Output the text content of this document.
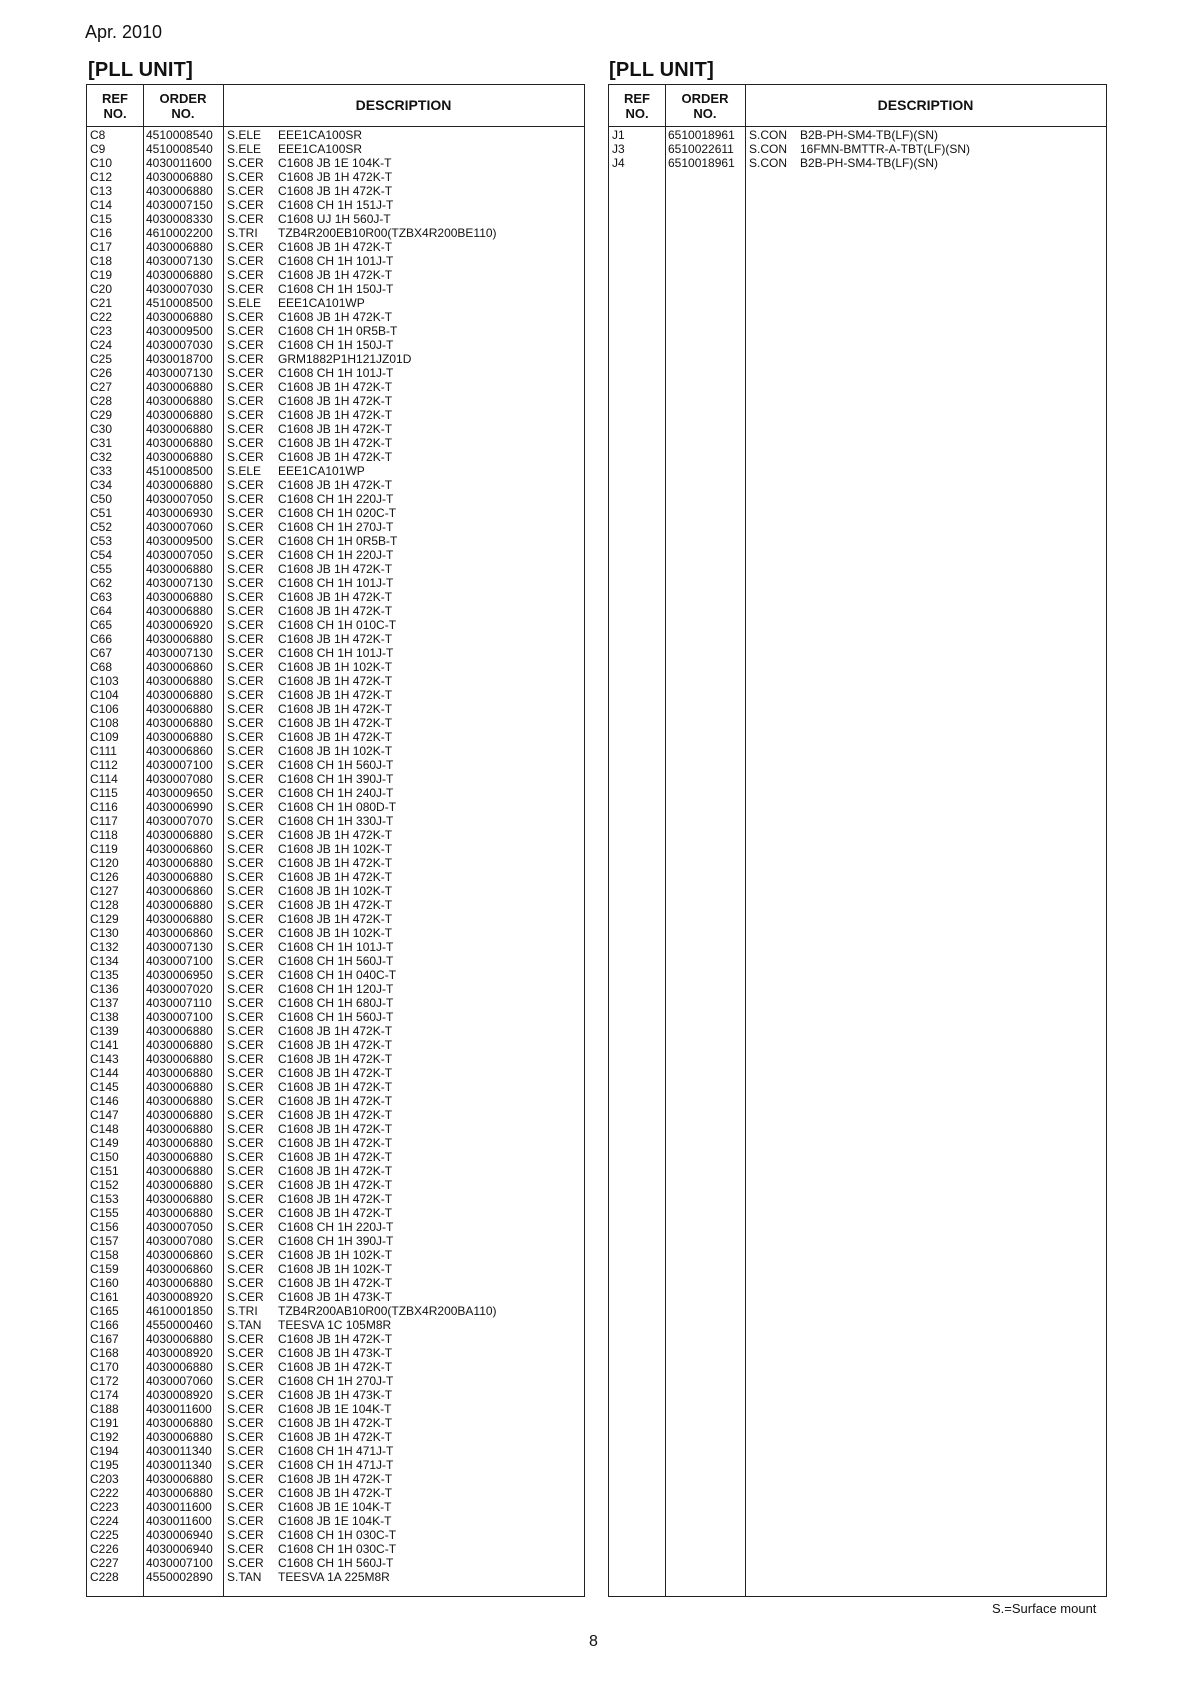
Apr. 2010
[PLL UNIT]	[PLL UNIT]
REF
NO.
ORDER
NO.	DESCRIPTION
C8	4510008540 S.ELE EEE1CA100SR
C9	4510008540 S.ELE EEE1CA100SR
C10	4030011600 S.CER C1608 JB 1E 104K-T
C12	4030006880 S.CER C1608 JB 1H 472K-T
C13	4030006880 S.CER C1608 JB 1H 472K-T
C14	4030007150 S.CER C1608 CH 1H 151J-T
C15	4030008330 S.CER C1608 UJ 1H 560J-T
C16	4610002200 S.TRI TZB4R200EB10R00(TZBX4R200BE110)
C17	4030006880 S.CER C1608 JB 1H 472K-T
C18	4030007130 S.CER C1608 CH 1H 101J-T
C19	4030006880 S.CER C1608 JB 1H 472K-T
C20	4030007030 S.CER C1608 CH 1H 150J-T
C21	4510008500 S.ELE EEE1CA101WP
C22	4030006880 S.CER C1608 JB 1H 472K-T
C23	4030009500 S.CER C1608 CH 1H 0R5B-T
C24	4030007030 S.CER C1608 CH 1H 150J-T
C25	4030018700 S.CER GRM1882P1H121JZ01D
C26	4030007130 S.CER C1608 CH 1H 101J-T
C27	4030006880 S.CER C1608 JB 1H 472K-T
C28	4030006880 S.CER C1608 JB 1H 472K-T
C29	4030006880 S.CER C1608 JB 1H 472K-T
C30	4030006880 S.CER C1608 JB 1H 472K-T
C31	4030006880 S.CER C1608 JB 1H 472K-T
C32	4030006880 S.CER C1608 JB 1H 472K-T
C33	4510008500 S.ELE EEE1CA101WP
C34	4030006880 S.CER C1608 JB 1H 472K-T
C50	4030007050 S.CER C1608 CH 1H 220J-T
C51	4030006930 S.CER C1608 CH 1H 020C-T
C52	4030007060 S.CER C1608 CH 1H 270J-T
C53	4030009500 S.CER C1608 CH 1H 0R5B-T
C54	4030007050 S.CER C1608 CH 1H 220J-T
C55	4030006880 S.CER C1608 JB 1H 472K-T
C62	4030007130 S.CER C1608 CH 1H 101J-T
C63	4030006880 S.CER C1608 JB 1H 472K-T
C64	4030006880 S.CER C1608 JB 1H 472K-T
C65	4030006920 S.CER C1608 CH 1H 010C-T
C66	4030006880 S.CER C1608 JB 1H 472K-T
C67	4030007130 S.CER C1608 CH 1H 101J-T
C68	4030006860 S.CER C1608 JB 1H 102K-T
C103 4030006880 S.CER C1608 JB 1H 472K-T
C104 4030006880 S.CER C1608 JB 1H 472K-T
C106 4030006880 S.CER C1608 JB 1H 472K-T
C108 4030006880 S.CER C1608 JB 1H 472K-T
C109 4030006880 S.CER C1608 JB 1H 472K-T
C111 4030006860 S.CER C1608 JB 1H 102K-T
C112 4030007100 S.CER C1608 CH 1H 560J-T
C114 4030007080 S.CER C1608 CH 1H 390J-T
C115 4030009650 S.CER C1608 CH 1H 240J-T
C116 4030006990 S.CER C1608 CH 1H 080D-T
C117 4030007070 S.CER C1608 CH 1H 330J-T
C118 4030006880 S.CER C1608 JB 1H 472K-T
C119 4030006860 S.CER C1608 JB 1H 102K-T
C120 4030006880 S.CER C1608 JB 1H 472K-T
C126 4030006880 S.CER C1608 JB 1H 472K-T
C127 4030006860 S.CER C1608 JB 1H 102K-T
C128 4030006880 S.CER C1608 JB 1H 472K-T
C129 4030006880 S.CER C1608 JB 1H 472K-T
C130 4030006860 S.CER C1608 JB 1H 102K-T
C132 4030007130 S.CER C1608 CH 1H 101J-T
C134 4030007100 S.CER C1608 CH 1H 560J-T
C135 4030006950 S.CER C1608 CH 1H 040C-T
C136 4030007020 S.CER C1608 CH 1H 120J-T
C137 4030007110 S.CER C1608 CH 1H 680J-T
C138 4030007100 S.CER C1608 CH 1H 560J-T
C139 4030006880 S.CER C1608 JB 1H 472K-T
C141 4030006880 S.CER C1608 JB 1H 472K-T
C143 4030006880 S.CER C1608 JB 1H 472K-T
C144 4030006880 S.CER C1608 JB 1H 472K-T
C145 4030006880 S.CER C1608 JB 1H 472K-T
C146 4030006880 S.CER C1608 JB 1H 472K-T
C147 4030006880 S.CER C1608 JB 1H 472K-T
C148 4030006880 S.CER C1608 JB 1H 472K-T
C149 4030006880 S.CER C1608 JB 1H 472K-T
C150 4030006880 S.CER C1608 JB 1H 472K-T
C151 4030006880 S.CER C1608 JB 1H 472K-T
C152 4030006880 S.CER C1608 JB 1H 472K-T
C153 4030006880 S.CER C1608 JB 1H 472K-T
C155 4030006880 S.CER C1608 JB 1H 472K-T
C156 4030007050 S.CER C1608 CH 1H 220J-T
C157 4030007080 S.CER C1608 CH 1H 390J-T
C158 4030006860 S.CER C1608 JB 1H 102K-T
C159 4030006860 S.CER C1608 JB 1H 102K-T
C160 4030006880 S.CER C1608 JB 1H 472K-T
C161 4030008920 S.CER C1608 JB 1H 473K-T
C165 4610001850 S.TRI TZB4R200AB10R00(TZBX4R200BA110)
C166 4550000460 S.TAN TEESVA 1C 105M8R
C167 4030006880 S.CER C1608 JB 1H 472K-T
C168 4030008920 S.CER C1608 JB 1H 473K-T
C170 4030006880 S.CER C1608 JB 1H 472K-T
C172 4030007060 S.CER C1608 CH 1H 270J-T
C174 4030008920 S.CER C1608 JB 1H 473K-T
C188 4030011600 S.CER C1608 JB 1E 104K-T
C191 4030006880 S.CER C1608 JB 1H 472K-T
C192 4030006880 S.CER C1608 JB 1H 472K-T
C194 4030011340 S.CER C1608 CH 1H 471J-T
C195 4030011340 S.CER C1608 CH 1H 471J-T
C203 4030006880 S.CER C1608 JB 1H 472K-T
C222 4030006880 S.CER C1608 JB 1H 472K-T
C223 4030011600 S.CER C1608 JB 1E 104K-T
C224 4030011600 S.CER C1608 JB 1E 104K-T
C225 4030006940 S.CER C1608 CH 1H 030C-T
C226 4030006940 S.CER C1608 CH 1H 030C-T
C227 4030007100 S.CER C1608 CH 1H 560J-T
C228 4550002890 S.TAN TEESVA 1A 225M8R
REF
NO.
ORDER
NO.	DESCRIPTION
J1	6510018961 S.CON B2B-PH-SM4-TB(LF)(SN)
J3	6510022611 S.CON 16FMN-BMTTR-A-TBT(LF)(SN)
J4	6510018961 S.CON B2B-PH-SM4-TB(LF)(SN)
S.=Surface mount
8
